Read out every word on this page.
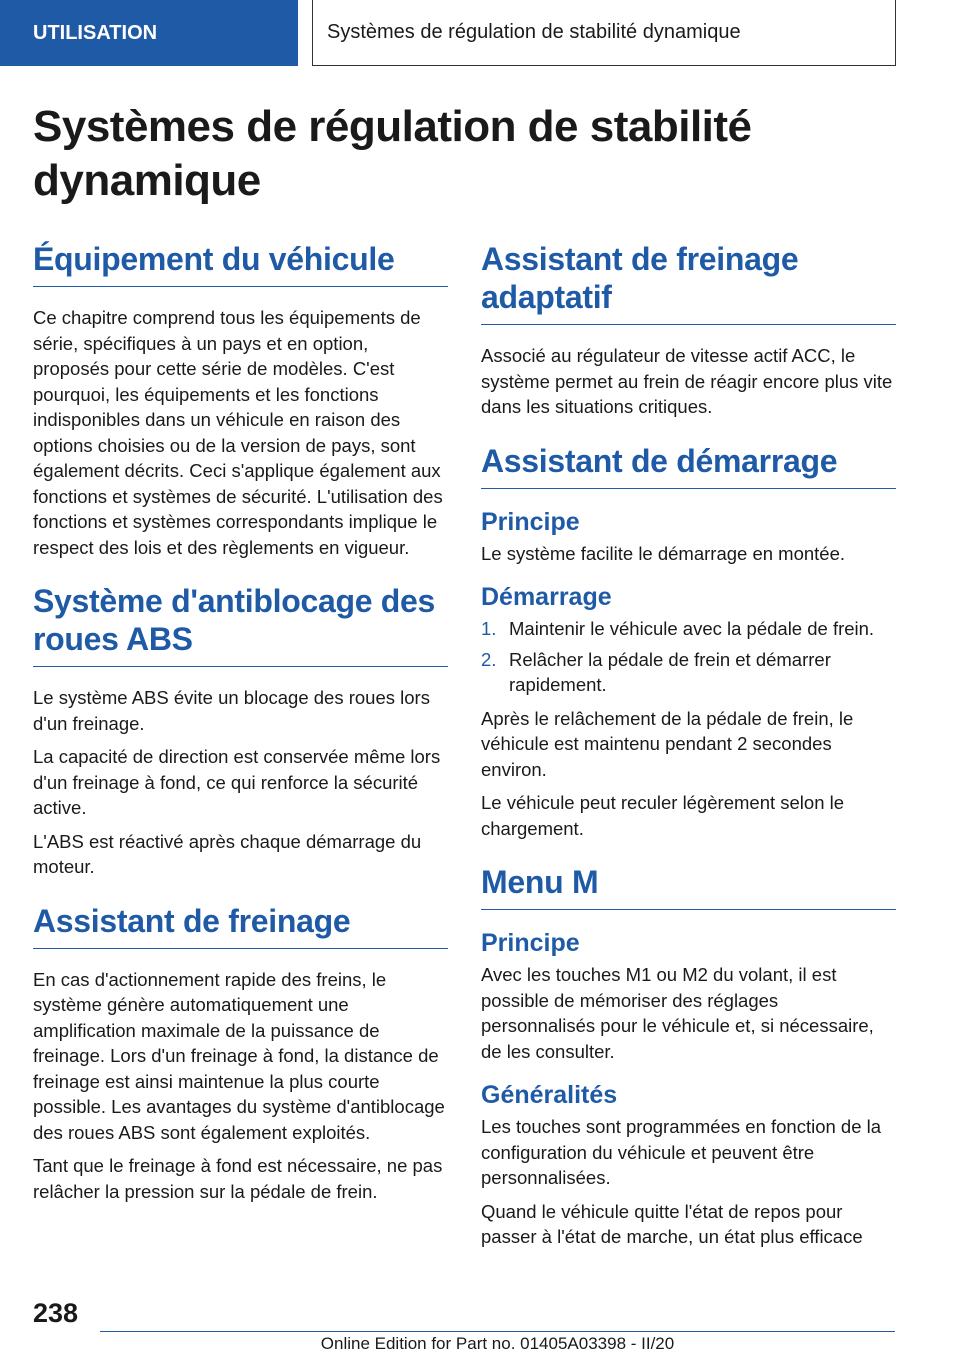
UTILISATION	Systèmes de régulation de stabilité dynamique
Systèmes de régulation de stabilité dynamique
Équipement du véhicule

Ce chapitre comprend tous les équipements de série, spécifiques à un pays et en option, proposés pour cette série de modèles. C'est pourquoi, les équipements et les fonctions indisponibles dans un véhicule en raison des options choisies ou de la version de pays, sont également décrits. Ceci s'applique également aux fonctions et systèmes de sécurité. L'utilisation des fonctions et systèmes correspondants implique le respect des lois et des règlements en vigueur.

Système d'antiblocage des roues ABS

Le système ABS évite un blocage des roues lors d'un freinage.

La capacité de direction est conservée même lors d'un freinage à fond, ce qui renforce la sécurité active.

L'ABS est réactivé après chaque démarrage du moteur.

Assistant de freinage

En cas d'actionnement rapide des freins, le système génère automatiquement une amplification maximale de la puissance de freinage. Lors d'un freinage à fond, la distance de freinage est ainsi maintenue la plus courte possible. Les avantages du système d'antiblocage des roues ABS sont également exploités.

Tant que le freinage à fond est nécessaire, ne pas relâcher la pression sur la pédale de frein.

Assistant de freinage adaptatif

Associé au régulateur de vitesse actif ACC, le système permet au frein de réagir encore plus vite dans les situations critiques.

Assistant de démarrage
Principe

Le système facilite le démarrage en montée.

Démarrage
1. Maintenir le véhicule avec la pédale de frein.
2. Relâcher la pédale de frein et démarrer rapidement.

Après le relâchement de la pédale de frein, le véhicule est maintenu pendant 2 secondes environ.

Le véhicule peut reculer légèrement selon le chargement.

Menu M
Principe

Avec les touches M1 ou M2 du volant, il est possible de mémoriser des réglages personnalisés pour le véhicule et, si nécessaire, de les consulter.

Généralités

Les touches sont programmées en fonction de la configuration du véhicule et peuvent être personnalisées.

Quand le véhicule quitte l'état de repos pour passer à l'état de marche, un état plus efficace

238
Online Edition for Part no. 01405A03398 - II/20
